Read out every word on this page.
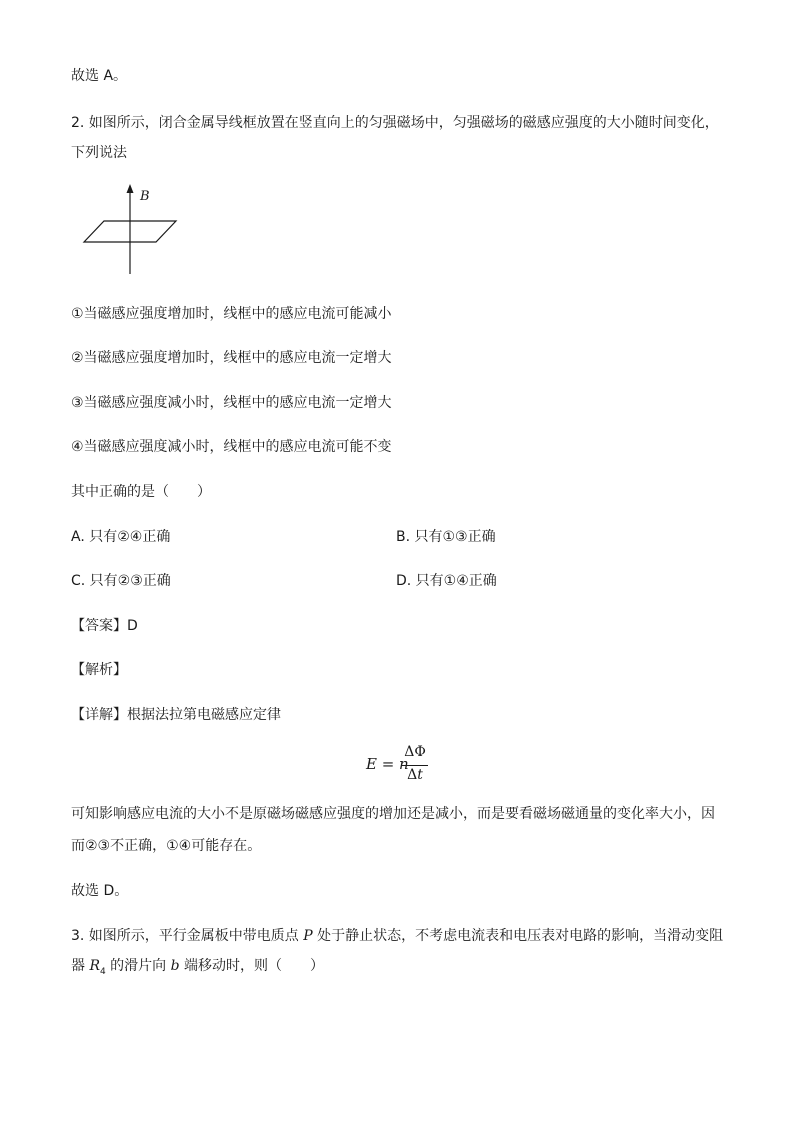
故选 A。
2. 如图所示，闭合金属导线框放置在竖直向上的匀强磁场中，匀强磁场的磁感应强度的大小随时间变化，
下列说法
B
①当磁感应强度增加时，线框中的感应电流可能减小
②当磁感应强度增加时，线框中的感应电流一定增大
③当磁感应强度减小时，线框中的感应电流一定增大
④当磁感应强度减小时，线框中的感应电流可能不变
其中正确的是（　　）
A. 只有②④正确	B. 只有①③正确
C. 只有②③正确	D. 只有①④正确
【答案】D
【解析】
【详解】根据法拉第电磁感应定律
E = n
ΔΦ
Δt
可知影响感应电流的大小不是原磁场磁感应强度的增加还是减小，而是要看磁场磁通量的变化率大小，因
而②③不正确，①④可能存在。
故选 D。
3. 如图所示，平行金属板中带电质点 P 处于静止状态，不考虑电流表和电压表对电路的影响，当滑动变阻
器 $R_4$ 的滑片向 b 端移动时，则（　　）
